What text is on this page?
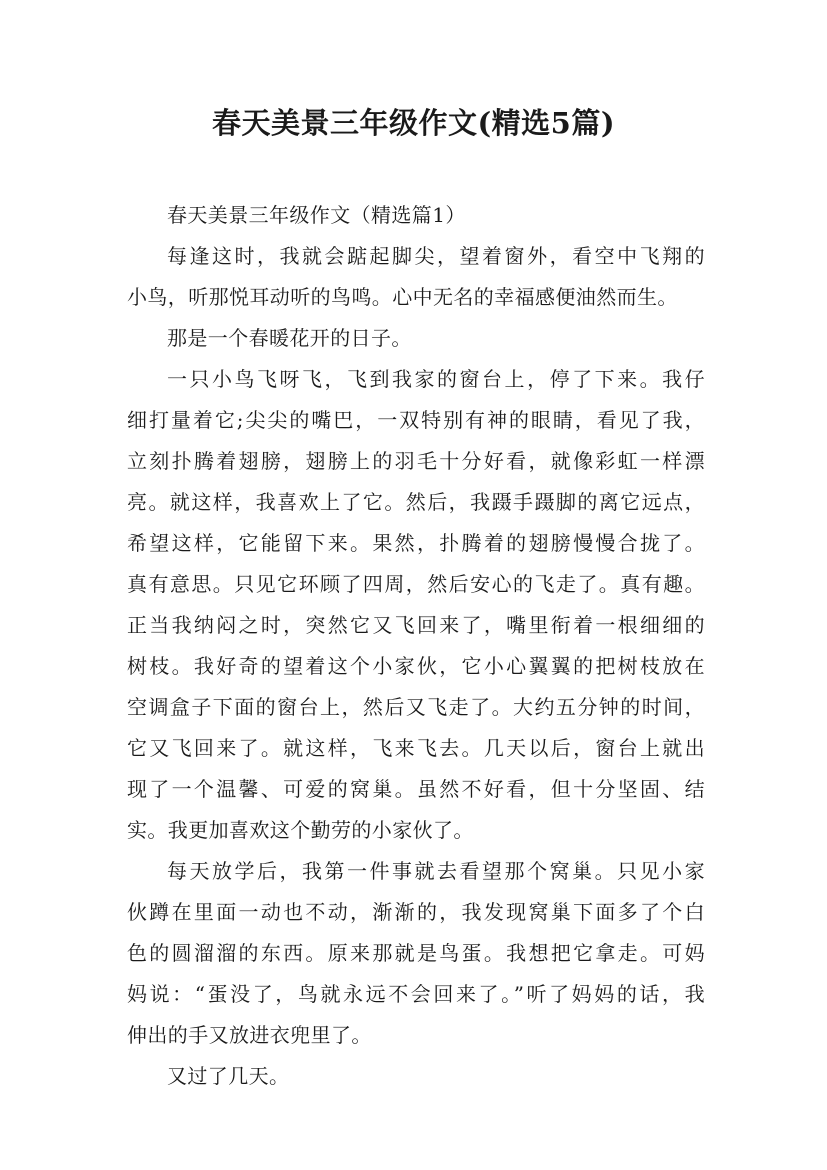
春天美景三年级作文(精选5篇)
春天美景三年级作文（精选篇1）
每逢这时，我就会踮起脚尖，望着窗外，看空中飞翔的
小鸟，听那悦耳动听的鸟鸣。心中无名的幸福感便油然而生。
那是一个春暖花开的日子。
一只小鸟飞呀飞，飞到我家的窗台上，停了下来。我仔
细打量着它;尖尖的嘴巴，一双特别有神的眼睛，看见了我，
立刻扑腾着翅膀，翅膀上的羽毛十分好看，就像彩虹一样漂
亮。就这样，我喜欢上了它。然后，我蹑手蹑脚的离它远点，
希望这样，它能留下来。果然，扑腾着的翅膀慢慢合拢了。
真有意思。只见它环顾了四周，然后安心的飞走了。真有趣。
正当我纳闷之时，突然它又飞回来了，嘴里衔着一根细细的
树枝。我好奇的望着这个小家伙，它小心翼翼的把树枝放在
空调盒子下面的窗台上，然后又飞走了。大约五分钟的时间，
它又飞回来了。就这样，飞来飞去。几天以后，窗台上就出
现了一个温馨、可爱的窝巢。虽然不好看，但十分坚固、结
实。我更加喜欢这个勤劳的小家伙了。
每天放学后，我第一件事就去看望那个窝巢。只见小家
伙蹲在里面一动也不动，渐渐的，我发现窝巢下面多了个白
色的圆溜溜的东西。原来那就是鸟蛋。我想把它拿走。可妈
妈说：“蛋没了，鸟就永远不会回来了。”听了妈妈的话，我
伸出的手又放进衣兜里了。
又过了几天。
